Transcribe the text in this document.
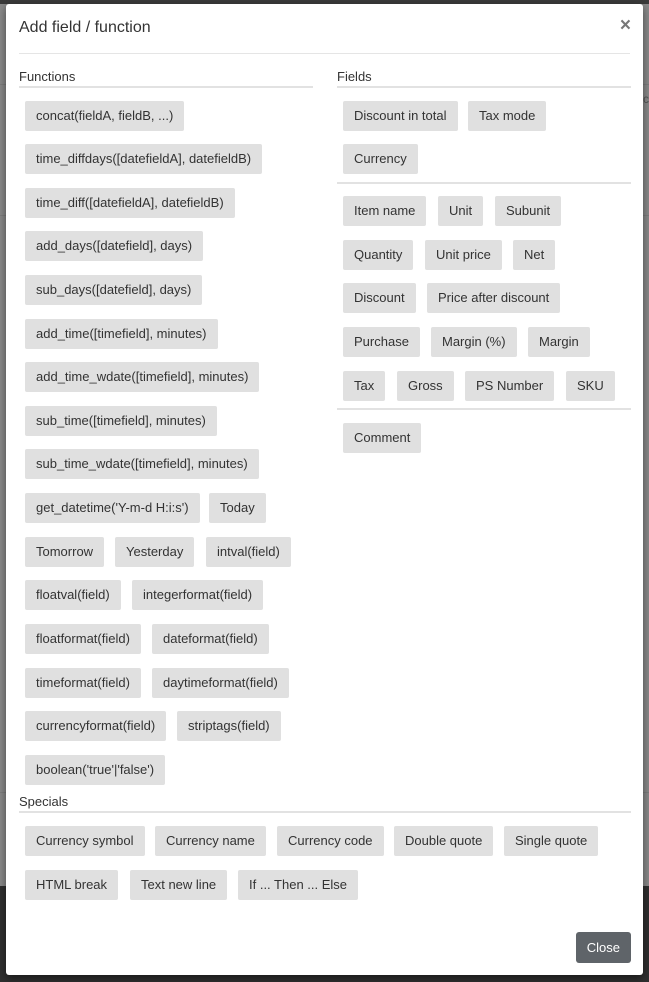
c
Add field / function	×
Functions
concat(fieldA, fieldB, ...)
time_diffdays([datefieldA], datefieldB)
time_diff([datefieldA], datefieldB)
add_days([datefield], days)
sub_days([datefield], days)
add_time([timefield], minutes)
add_time_wdate([timefield], minutes)
sub_time([timefield], minutes)
sub_time_wdate([timefield], minutes)
get_datetime('Y-m-d H:i:s')	Today
Tomorrow	Yesterday	intval(field)
floatval(field)	integerformat(field)
floatformat(field)	dateformat(field)
timeformat(field)	daytimeformat(field)
currencyformat(field)	striptags(field)
boolean('true'|'false')
Fields
Discount in total	Tax mode
Currency
Item name	Unit	Subunit
Quantity	Unit price	Net
Discount	Price after discount
Purchase	Margin (%)	Margin
Tax	Gross	PS Number	SKU
Comment
Specials
Currency symbol	Currency name	Currency code	Double quote	Single quote
HTML break	Text new line	If ... Then ... Else
Close
